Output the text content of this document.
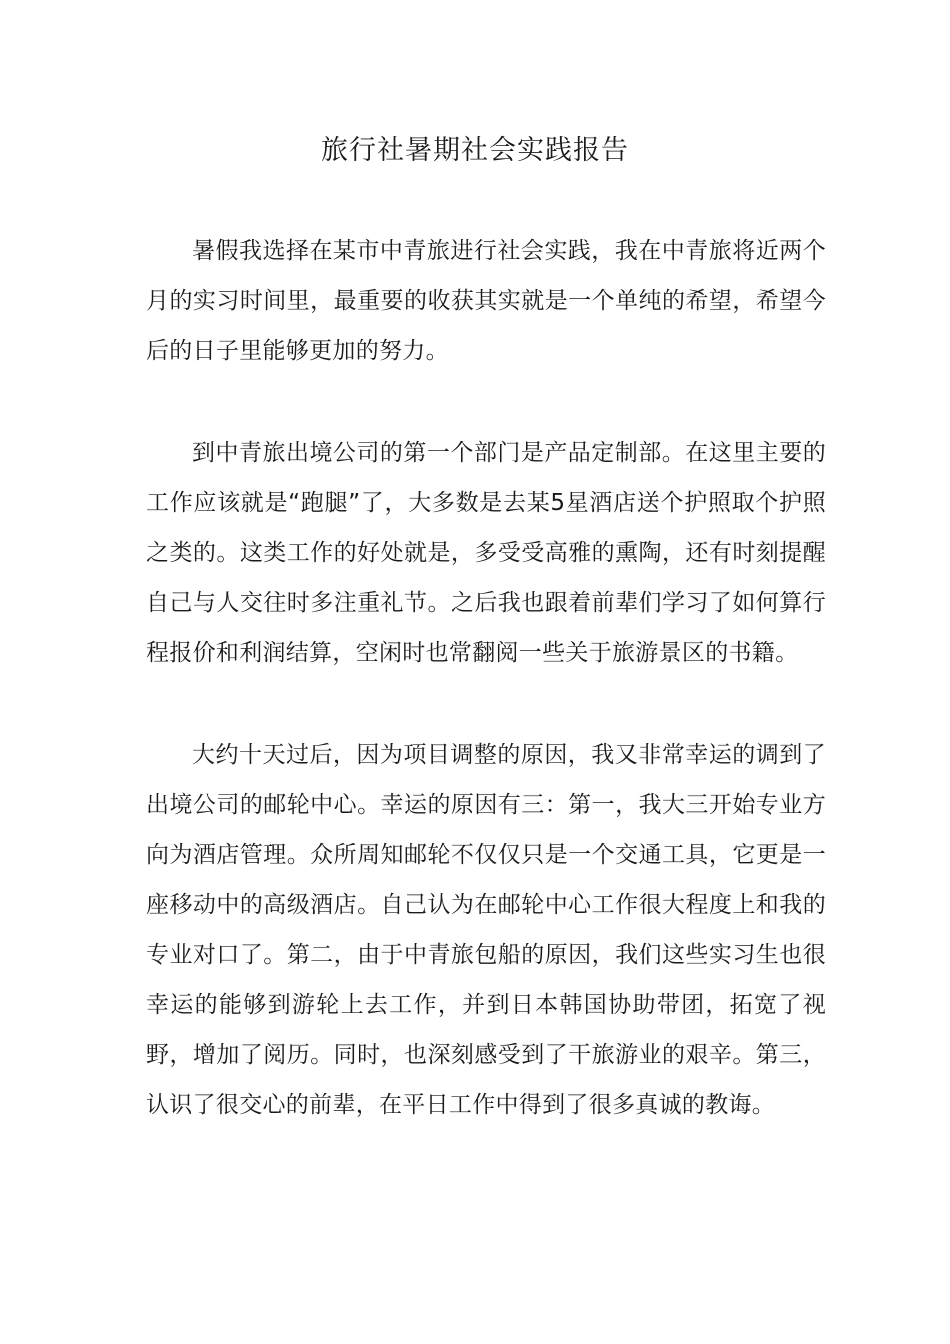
旅行社暑期社会实践报告

暑假我选择在某市中青旅进行社会实践，我在中青旅将近两个月的实习时间里，最重要的收获其实就是一个单纯的希望，希望今后的日子里能够更加的努力。

到中青旅出境公司的第一个部门是产品定制部。在这里主要的工作应该就是“跑腿”了，大多数是去某5星酒店送个护照取个护照之类的。这类工作的好处就是，多受受高雅的熏陶，还有时刻提醒自己与人交往时多注重礼节。之后我也跟着前辈们学习了如何算行程报价和利润结算，空闲时也常翻阅一些关于旅游景区的书籍。

大约十天过后，因为项目调整的原因，我又非常幸运的调到了出境公司的邮轮中心。幸运的原因有三：第一，我大三开始专业方向为酒店管理。众所周知邮轮不仅仅只是一个交通工具，它更是一座移动中的高级酒店。自己认为在邮轮中心工作很大程度上和我的专业对口了。第二，由于中青旅包船的原因，我们这些实习生也很幸运的能够到游轮上去工作，并到日本韩国协助带团，拓宽了视野，增加了阅历。同时，也深刻感受到了干旅游业的艰辛。第三，认识了很交心的前辈，在平日工作中得到了很多真诚的教诲。
